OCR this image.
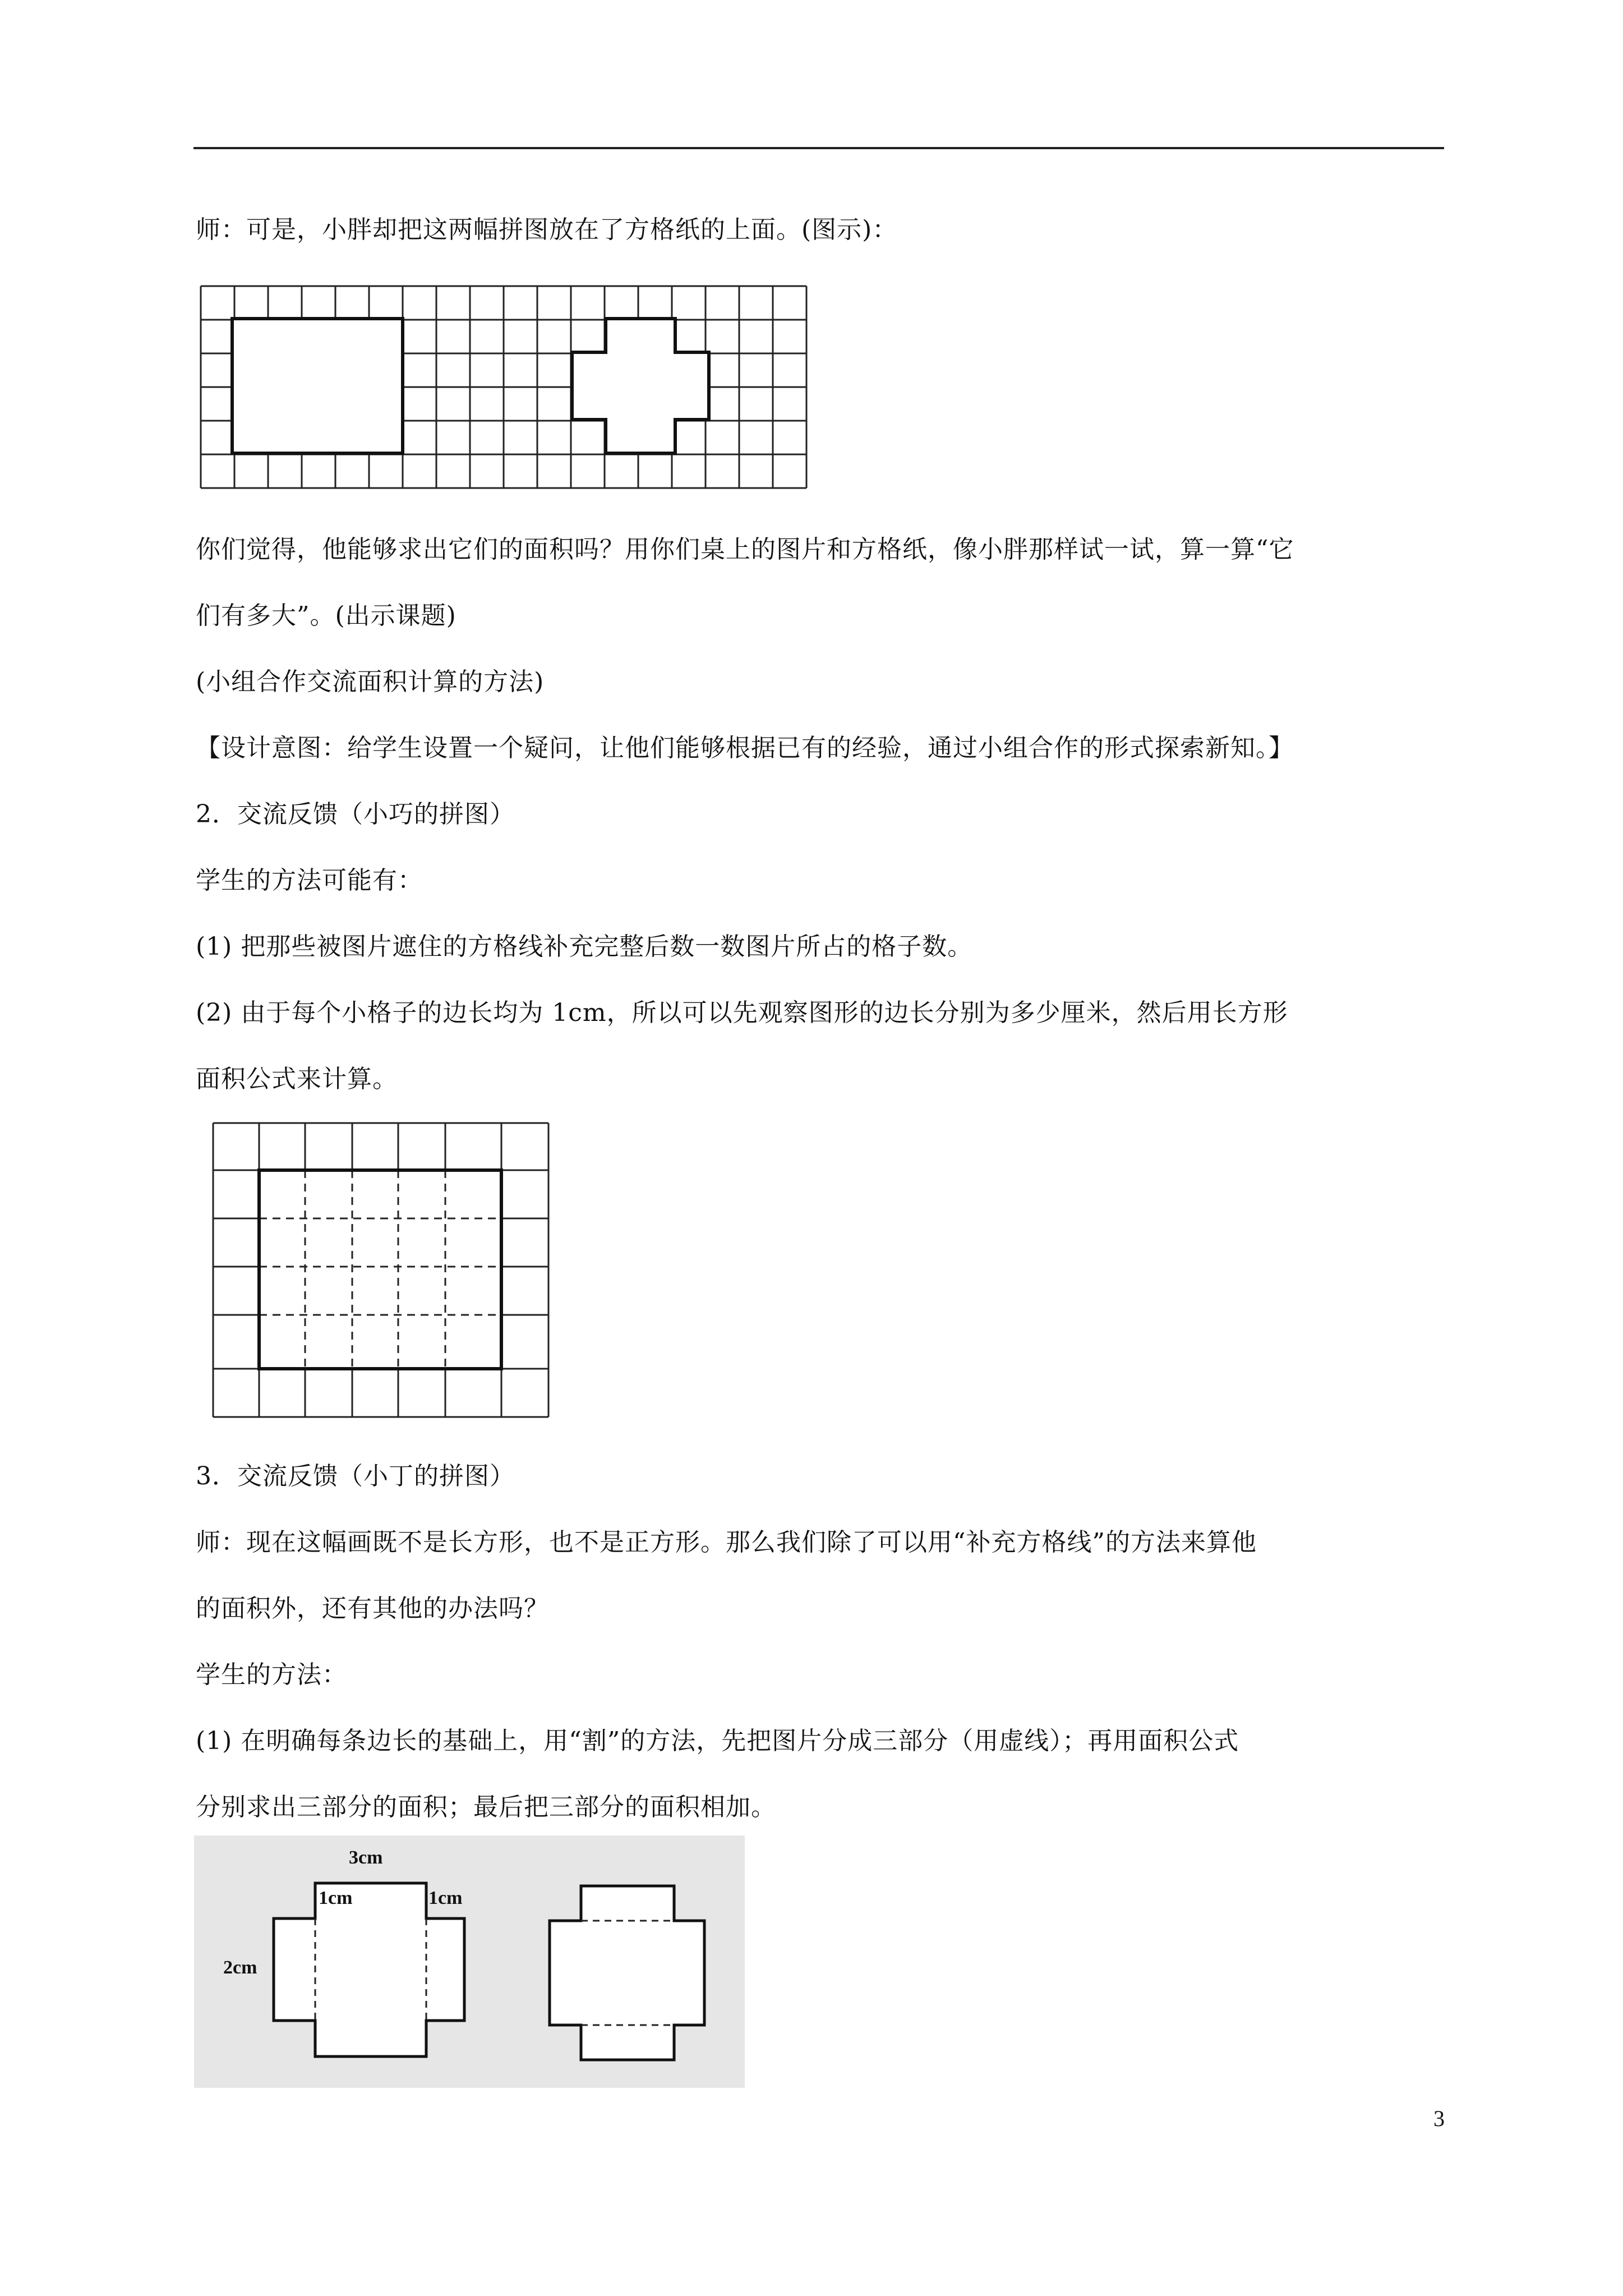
师：可是，小胖却把这两幅拼图放在了方格纸的上面。(图示)：
你们觉得，他能够求出它们的面积吗？用你们桌上的图片和方格纸，像小胖那样试一试，算一算“它
们有多大”。(出示课题)
(小组合作交流面积计算的方法)
【设计意图：给学生设置一个疑问，让他们能够根据已有的经验，通过小组合作的形式探索新知。】
2．交流反馈（小巧的拼图）
学生的方法可能有：
(1) 把那些被图片遮住的方格线补充完整后数一数图片所占的格子数。
(2) 由于每个小格子的边长均为 1cm，所以可以先观察图形的边长分别为多少厘米，然后用长方形
面积公式来计算。
3．交流反馈（小丁的拼图）
师：现在这幅画既不是长方形，也不是正方形。那么我们除了可以用“补充方格线”的方法来算他
的面积外，还有其他的办法吗？
学生的方法：
(1) 在明确每条边长的基础上，用“割”的方法，先把图片分成三部分（用虚线）；再用面积公式
分别求出三部分的面积；最后把三部分的面积相加。
3cm
1cm	1cm
2cm
3
